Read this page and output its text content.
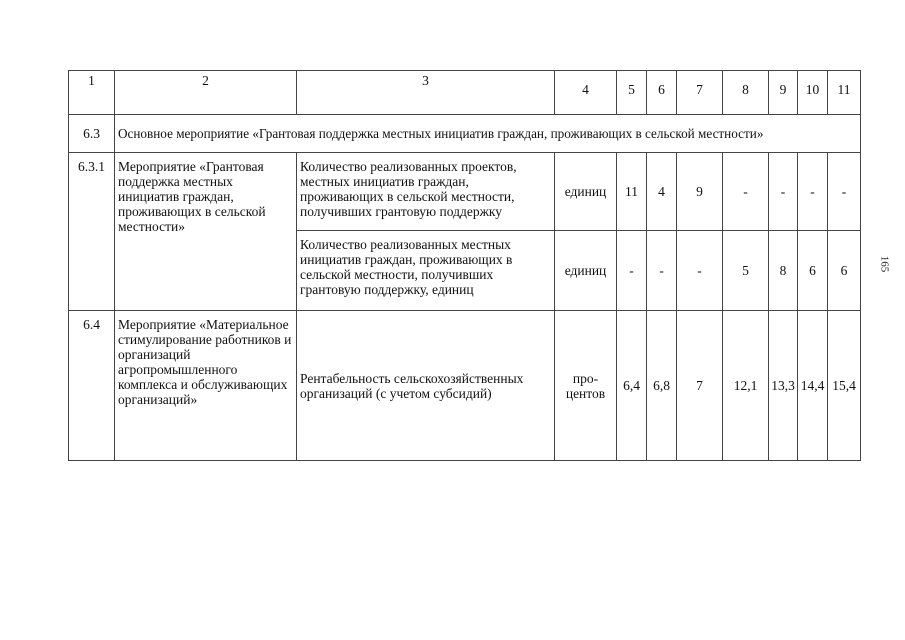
1	2	3	4	5	6	7	8	9	10	11
6.3	Основное мероприятие «Грантовая поддержка местных инициатив граждан, проживающих в сельской местности»									
6.3.1	Мероприятие «Грантовая поддержка местных инициатив граждан, проживающих в сельской местности»	Количество реализованных проектов, местных инициатив граждан, проживающих в сельской местности, получивших грантовую поддержку	единиц	11	4	9	-	-	-	-
		Количество реализованных местных инициатив граждан, проживающих в сельской местности, получивших грантовую поддержку, единиц	единиц	-	-	-	5	8	6	6
6.4	Мероприятие «Материальное стимулирование работников и организаций агропромышленного комплекса и обслуживающих организаций»	Рентабельность сельскохозяйственных организаций (с учетом субсидий)	про-центов	6,4	6,8	7	12,1	13,3	14,4	15,4
165
